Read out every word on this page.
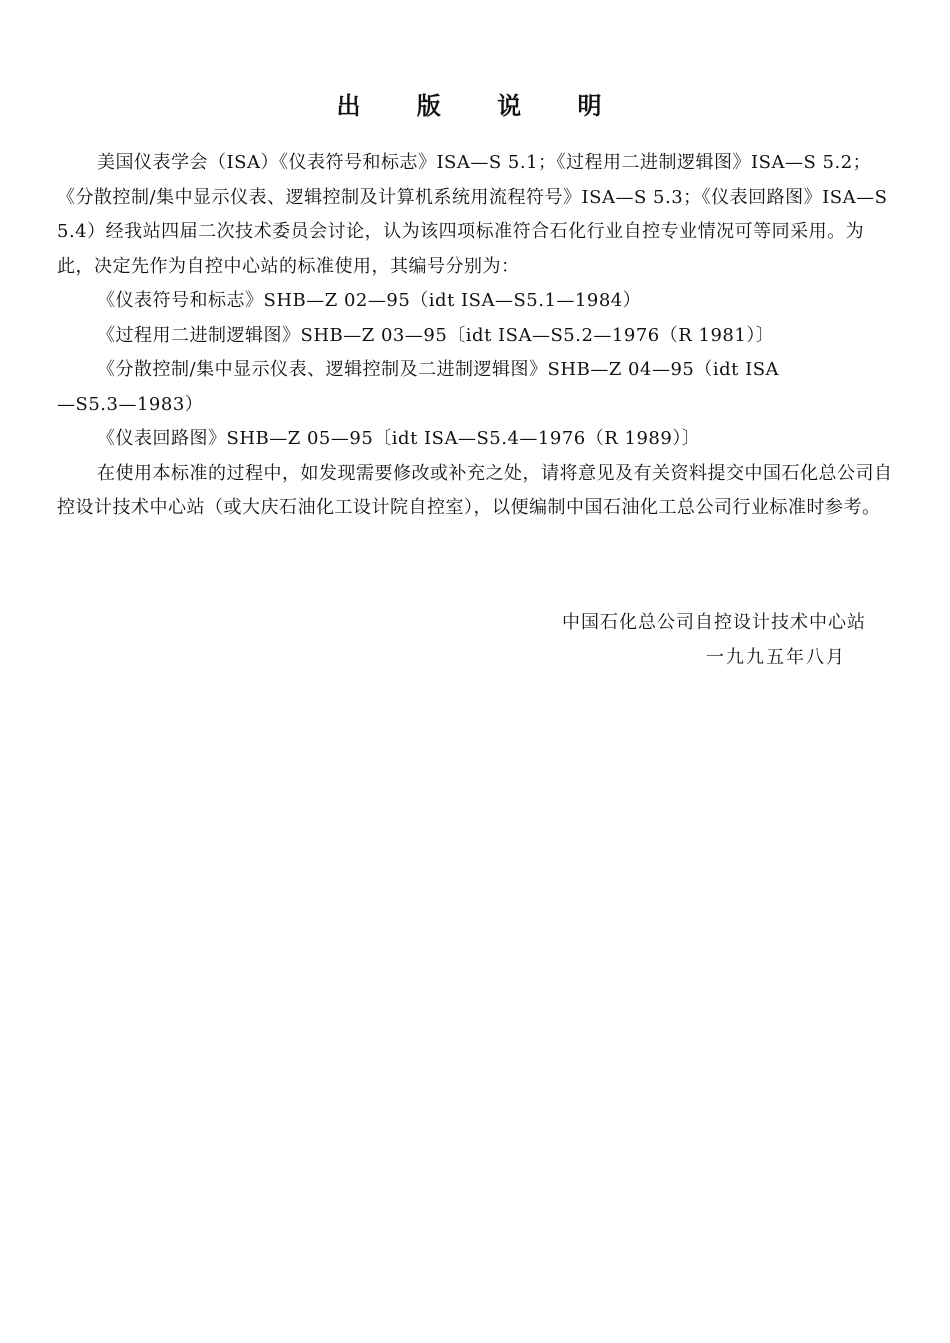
出 版 说 明

美国仪表学会（ISA）《仪表符号和标志》ISA—S 5.1；《过程用二进制逻辑图》ISA—S 5.2；《分散控制/集中显示仪表、逻辑控制及计算机系统用流程符号》ISA—S 5.3；《仪表回路图》ISA—S 5.4）经我站四届二次技术委员会讨论，认为该四项标准符合石化行业自控专业情况可等同采用。为此，决定先作为自控中心站的标准使用，其编号分别为：

《仪表符号和标志》SHB—Z 02—95（idt ISA—S5.1—1984）

《过程用二进制逻辑图》SHB—Z 03—95〔idt ISA—S5.2—1976（R 1981）〕

《分散控制/集中显示仪表、逻辑控制及二进制逻辑图》SHB—Z 04—95（idt ISA

—S5.3—1983）

《仪表回路图》SHB—Z 05—95〔idt ISA—S5.4—1976（R 1989）〕

在使用本标准的过程中，如发现需要修改或补充之处，请将意见及有关资料提交中国石化总公司自控设计技术中心站（或大庆石油化工设计院自控室），以便编制中国石油化工总公司行业标准时参考。

中国石化总公司自控设计技术中心站
一九九五年八月
